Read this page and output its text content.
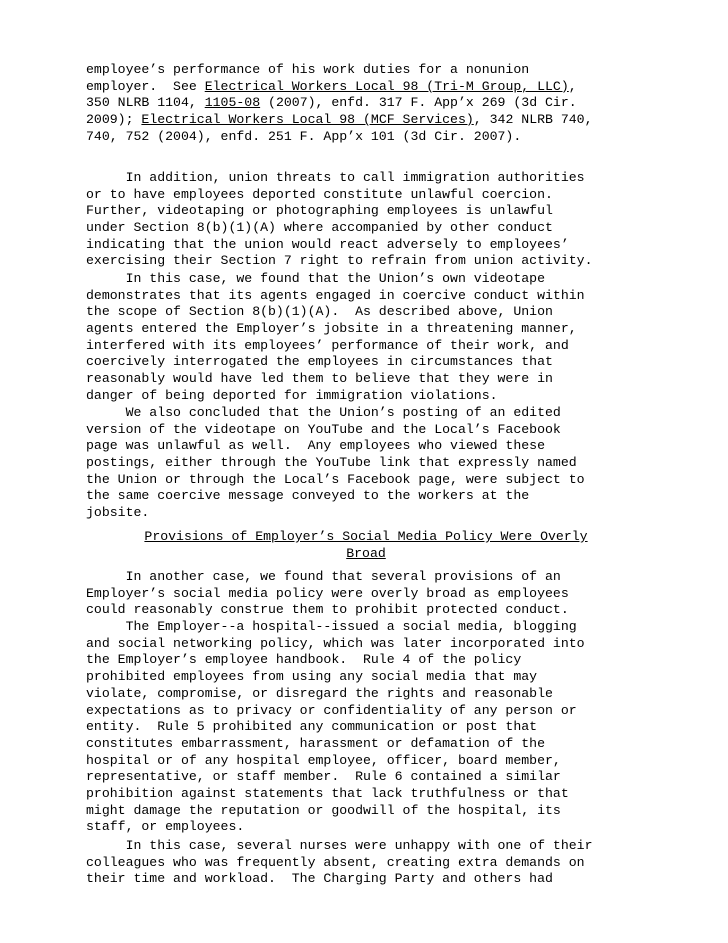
employee’s performance of his work duties for a nonunion
employer.  See Electrical Workers Local 98 (Tri-M Group, LLC),
350 NLRB 1104, 1105-08 (2007), enfd. 317 F. App’x 269 (3d Cir.
2009); Electrical Workers Local 98 (MCF Services), 342 NLRB 740,
740, 752 (2004), enfd. 251 F. App’x 101 (3d Cir. 2007).
In addition, union threats to call immigration authorities
or to have employees deported constitute unlawful coercion.
Further, videotaping or photographing employees is unlawful
under Section 8(b)(1)(A) where accompanied by other conduct
indicating that the union would react adversely to employees’
exercising their Section 7 right to refrain from union activity.
In this case, we found that the Union’s own videotape
demonstrates that its agents engaged in coercive conduct within
the scope of Section 8(b)(1)(A).  As described above, Union
agents entered the Employer’s jobsite in a threatening manner,
interfered with its employees’ performance of their work, and
coercively interrogated the employees in circumstances that
reasonably would have led them to believe that they were in
danger of being deported for immigration violations.
We also concluded that the Union’s posting of an edited
version of the videotape on YouTube and the Local’s Facebook
page was unlawful as well.  Any employees who viewed these
postings, either through the YouTube link that expressly named
the Union or through the Local’s Facebook page, were subject to
the same coercive message conveyed to the workers at the
jobsite.
Provisions of Employer’s Social Media Policy Were Overly
Broad
In another case, we found that several provisions of an
Employer’s social media policy were overly broad as employees
could reasonably construe them to prohibit protected conduct.
The Employer--a hospital--issued a social media, blogging
and social networking policy, which was later incorporated into
the Employer’s employee handbook.  Rule 4 of the policy
prohibited employees from using any social media that may
violate, compromise, or disregard the rights and reasonable
expectations as to privacy or confidentiality of any person or
entity.  Rule 5 prohibited any communication or post that
constitutes embarrassment, harassment or defamation of the
hospital or of any hospital employee, officer, board member,
representative, or staff member.  Rule 6 contained a similar
prohibition against statements that lack truthfulness or that
might damage the reputation or goodwill of the hospital, its
staff, or employees.
In this case, several nurses were unhappy with one of their
colleagues who was frequently absent, creating extra demands on
their time and workload.  The Charging Party and others had
